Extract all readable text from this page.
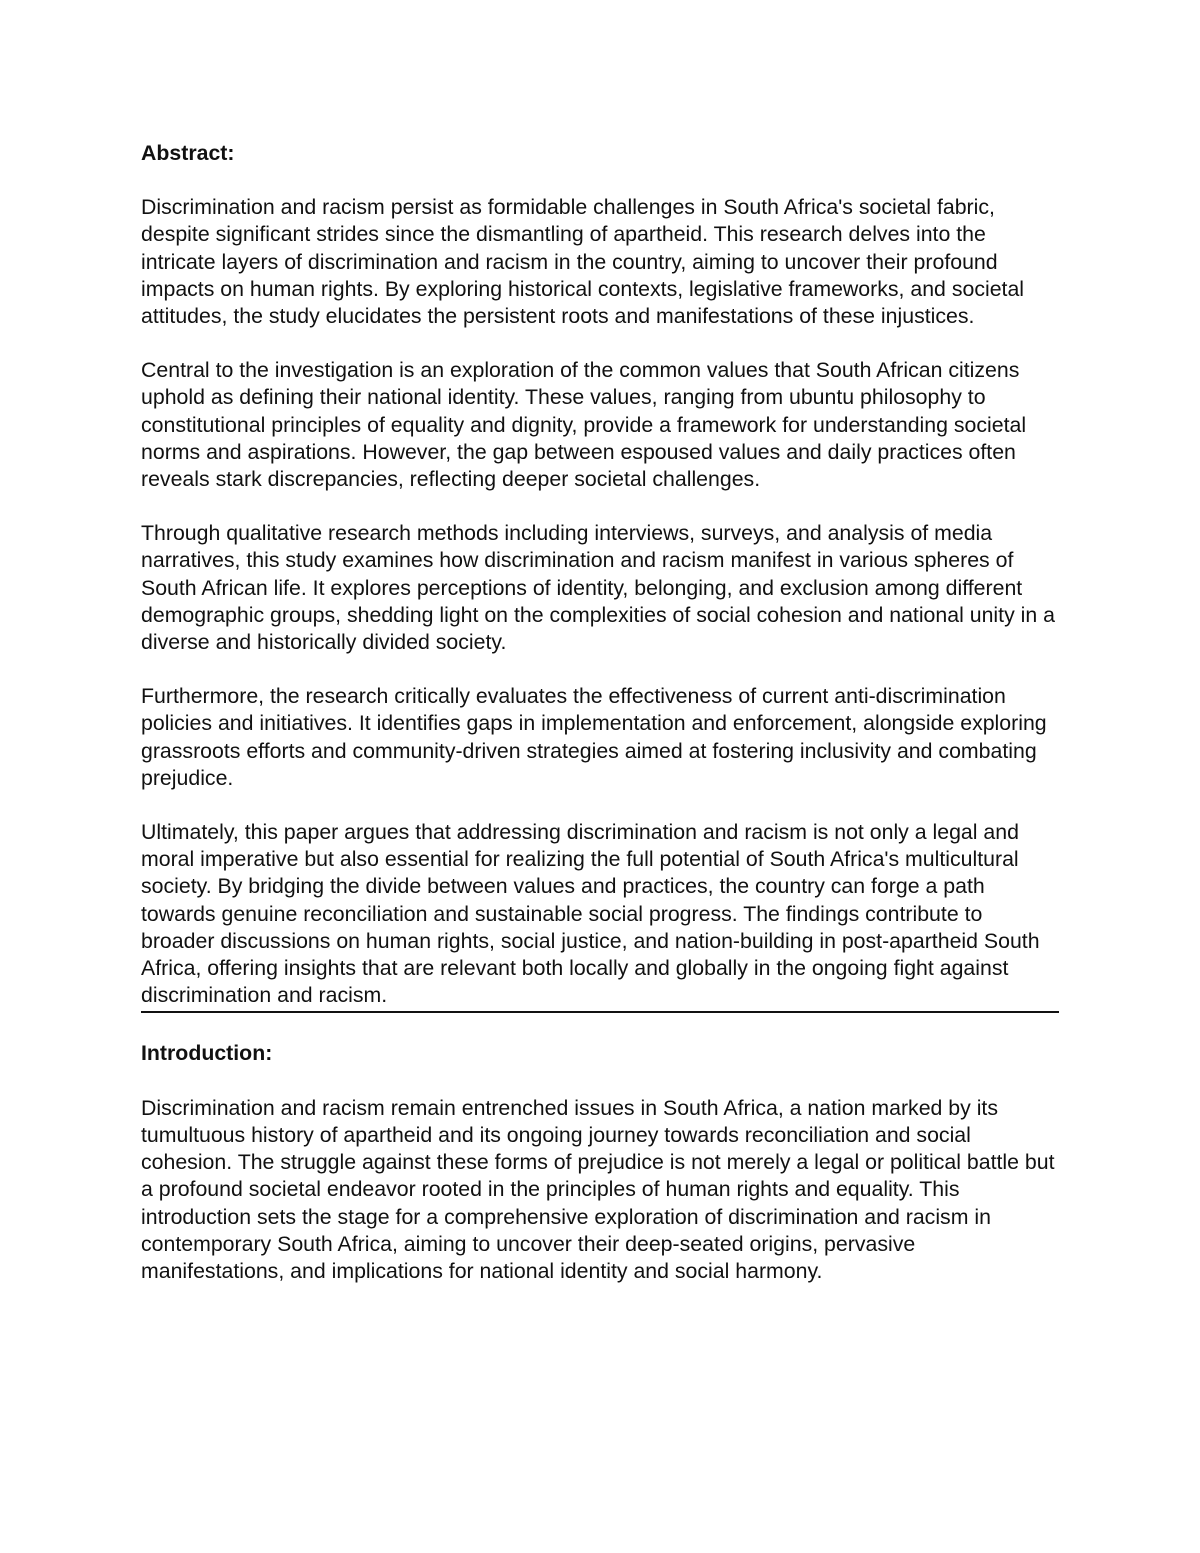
Abstract:

Discrimination and racism persist as formidable challenges in South Africa's societal fabric, despite significant strides since the dismantling of apartheid. This research delves into the intricate layers of discrimination and racism in the country, aiming to uncover their profound impacts on human rights. By exploring historical contexts, legislative frameworks, and societal attitudes, the study elucidates the persistent roots and manifestations of these injustices.

Central to the investigation is an exploration of the common values that South African citizens uphold as defining their national identity. These values, ranging from ubuntu philosophy to constitutional principles of equality and dignity, provide a framework for understanding societal norms and aspirations. However, the gap between espoused values and daily practices often reveals stark discrepancies, reflecting deeper societal challenges.

Through qualitative research methods including interviews, surveys, and analysis of media narratives, this study examines how discrimination and racism manifest in various spheres of South African life. It explores perceptions of identity, belonging, and exclusion among different demographic groups, shedding light on the complexities of social cohesion and national unity in a diverse and historically divided society.

Furthermore, the research critically evaluates the effectiveness of current anti-discrimination policies and initiatives. It identifies gaps in implementation and enforcement, alongside exploring grassroots efforts and community-driven strategies aimed at fostering inclusivity and combating prejudice.

Ultimately, this paper argues that addressing discrimination and racism is not only a legal and moral imperative but also essential for realizing the full potential of South Africa's multicultural society. By bridging the divide between values and practices, the country can forge a path towards genuine reconciliation and sustainable social progress. The findings contribute to broader discussions on human rights, social justice, and nation-building in post-apartheid South Africa, offering insights that are relevant both locally and globally in the ongoing fight against discrimination and racism.

Introduction:

Discrimination and racism remain entrenched issues in South Africa, a nation marked by its tumultuous history of apartheid and its ongoing journey towards reconciliation and social cohesion. The struggle against these forms of prejudice is not merely a legal or political battle but a profound societal endeavor rooted in the principles of human rights and equality. This introduction sets the stage for a comprehensive exploration of discrimination and racism in contemporary South Africa, aiming to uncover their deep-seated origins, pervasive manifestations, and implications for national identity and social harmony.
